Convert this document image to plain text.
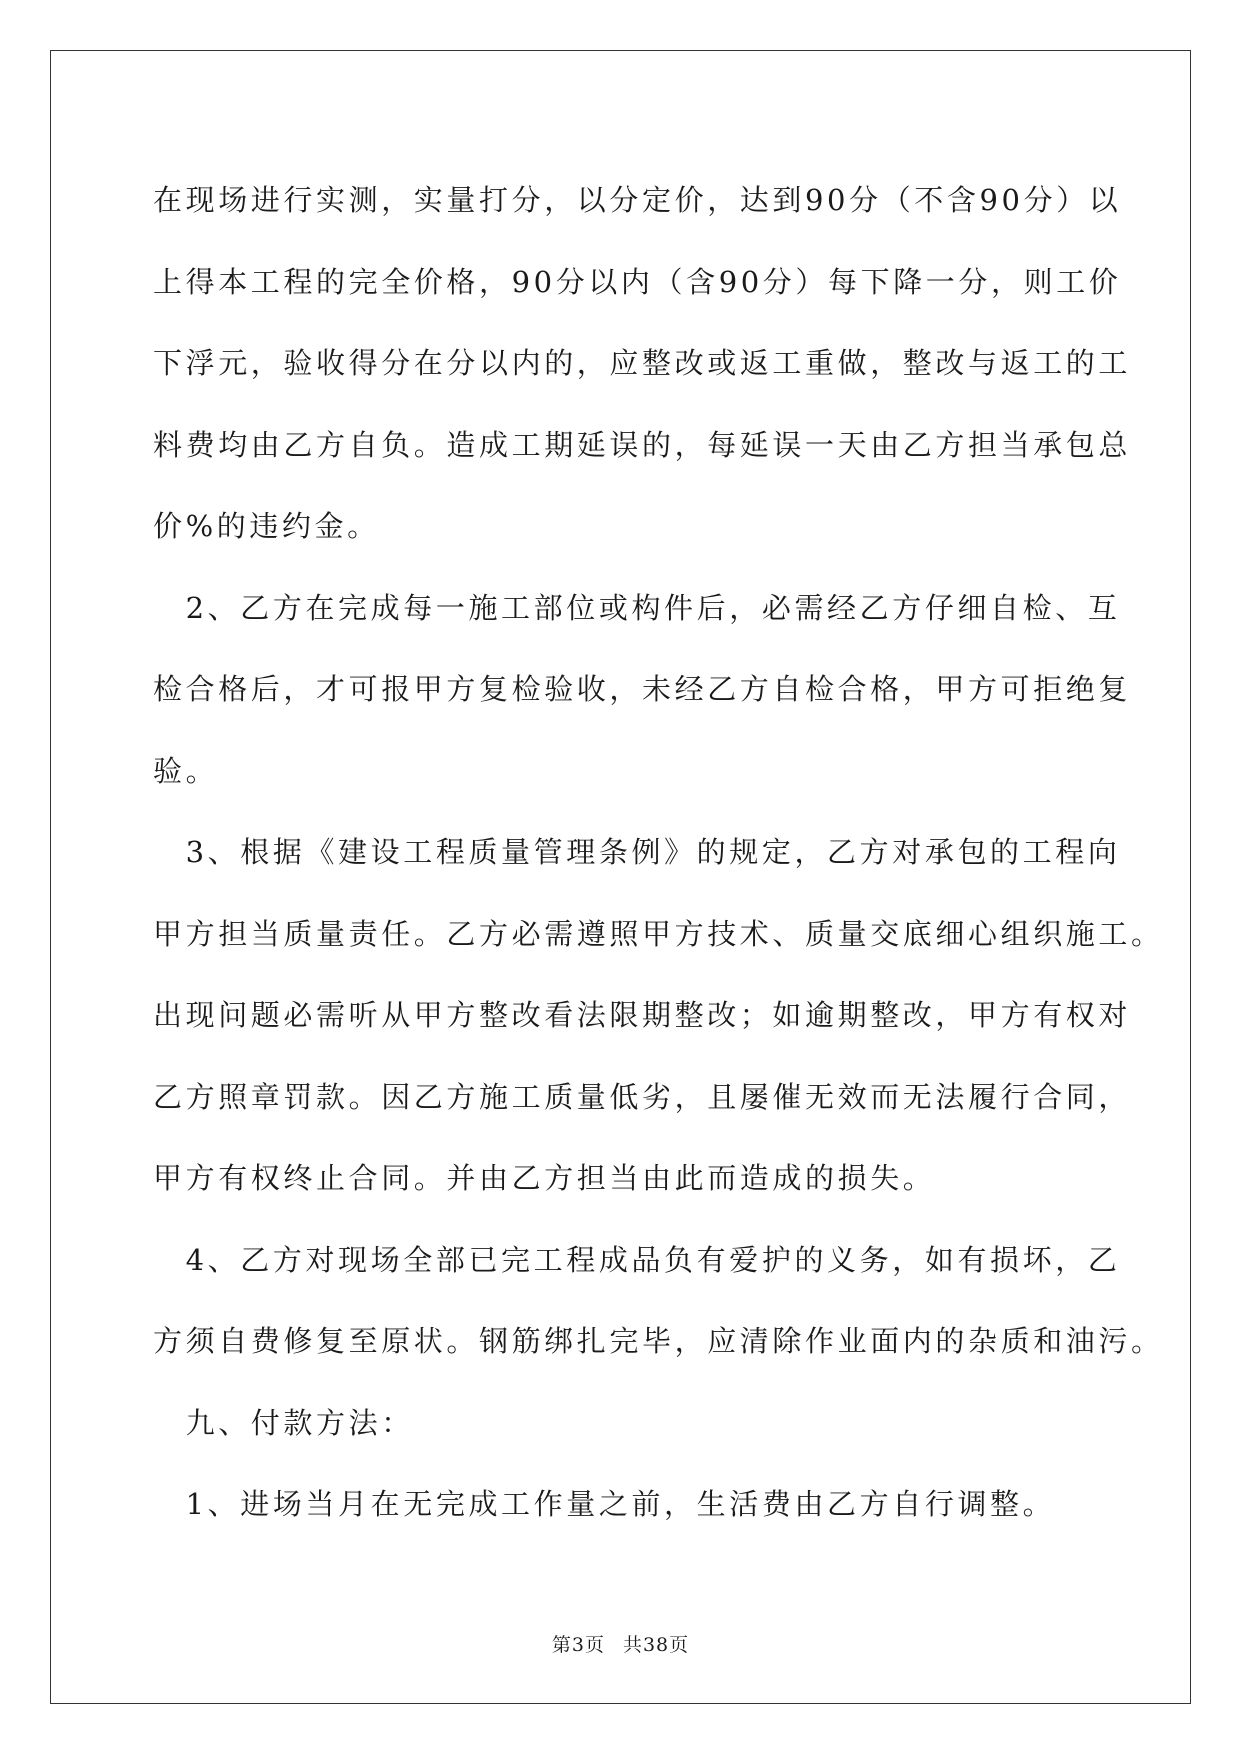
在现场进行实测，实量打分，以分定价，达到90分（不含90分）以
上得本工程的完全价格，90分以内（含90分）每下降一分，则工价
下浮元，验收得分在分以内的，应整改或返工重做，整改与返工的工
料费均由乙方自负。造成工期延误的，每延误一天由乙方担当承包总
价%的违约金。
　2、乙方在完成每一施工部位或构件后，必需经乙方仔细自检、互
检合格后，才可报甲方复检验收，未经乙方自检合格，甲方可拒绝复
验。
　3、根据《建设工程质量管理条例》的规定，乙方对承包的工程向
甲方担当质量责任。乙方必需遵照甲方技术、质量交底细心组织施工。
出现问题必需听从甲方整改看法限期整改；如逾期整改，甲方有权对
乙方照章罚款。因乙方施工质量低劣，且屡催无效而无法履行合同，
甲方有权终止合同。并由乙方担当由此而造成的损失。
　4、乙方对现场全部已完工程成品负有爱护的义务，如有损坏，乙
方须自费修复至原状。钢筋绑扎完毕，应清除作业面内的杂质和油污。
　九、付款方法：
　1、进场当月在无完成工作量之前，生活费由乙方自行调整。
第3页 共38页
